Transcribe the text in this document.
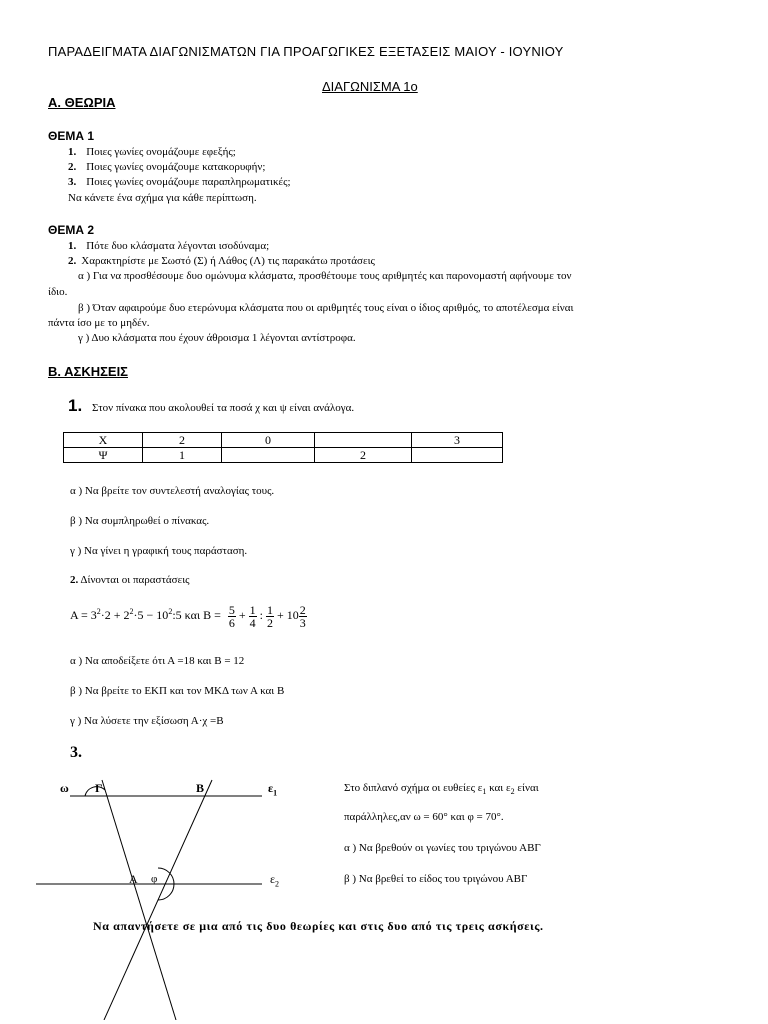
ΠΑΡΑΔΕΙΓΜΑΤΑ ΔΙΑΓΩΝΙΣΜΑΤΩΝ ΓΙΑ ΠΡΟΑΓΩΓΙΚΕΣ ΕΞΕΤΑΣΕΙΣ ΜΑΙΟΥ - ΙΟΥΝΙΟΥ
ΔΙΑΓΩΝΙΣΜΑ 1ο
Α. ΘΕΩΡΙΑ
ΘΕΜΑ 1
1. Ποιες γωνίες ονομάζουμε εφεξής;
2. Ποιες γωνίες ονομάζουμε κατακορυφήν;
3. Ποιες γωνίες ονομάζουμε παραπληρωματικές;
Να κάνετε ένα σχήμα για κάθε περίπτωση.
ΘΕΜΑ 2
1. Πότε δυο κλάσματα λέγονται ισοδύναμα;
2. Χαρακτηρίστε με Σωστό (Σ) ή Λάθος (Λ) τις παρακάτω προτάσεις
α ) Για να προσθέσουμε δυο ομώνυμα κλάσματα, προσθέτουμε τους αριθμητές και παρονομαστή αφήνουμε τον
ίδιο.
β ) Όταν αφαιρούμε δυο ετερώνυμα κλάσματα που οι αριθμητές τους είναι ο ίδιος αριθμός, το αποτέλεσμα είναι
πάντα ίσο με το μηδέν.
γ ) Δυο κλάσματα που έχουν άθροισμα 1 λέγονται αντίστροφα.
Β. ΑΣΚΗΣΕΙΣ
1. Στον πίνακα που ακολουθεί τα ποσά χ και ψ είναι ανάλογα.
Χ	2	0		3
Ψ	1		2	
α ) Να βρείτε τον συντελεστή αναλογίας τους.
β ) Να συμπληρωθεί ο πίνακας.
γ ) Να γίνει η γραφική τους παράσταση.
2. Δίνονται οι παραστάσεις
$A = 3^2\cdot 2 + 2^2\cdot 5$ − $10^2:5$ και $B = \frac{5}{6} + \frac{1}{4}$ : $\frac{1}{2} + 10 \frac{2}{3}$
α ) Να αποδείξετε ότι Α =18 και Β = 12
β ) Να βρείτε το ΕΚΠ και τον ΜΚΔ των Α και Β
γ ) Να λύσετε την εξίσωση Α·χ =Β
3.
ω Γ	Β	$\varepsilon_1$
Α φ	$\varepsilon_2$
Στο διπλανό σχήμα οι ευθείες $\varepsilon_1$ και $\varepsilon_2$ είναι
παράλληλες,αν ω = 60° και φ = 70°.
α ) Να βρεθούν οι γωνίες του τριγώνου ΑΒΓ
β ) Να βρεθεί το είδος του τριγώνου ΑΒΓ
Να απαντήσετε σε μια από τις δυο θεωρίες και στις δυο από τις τρεις ασκήσεις.
